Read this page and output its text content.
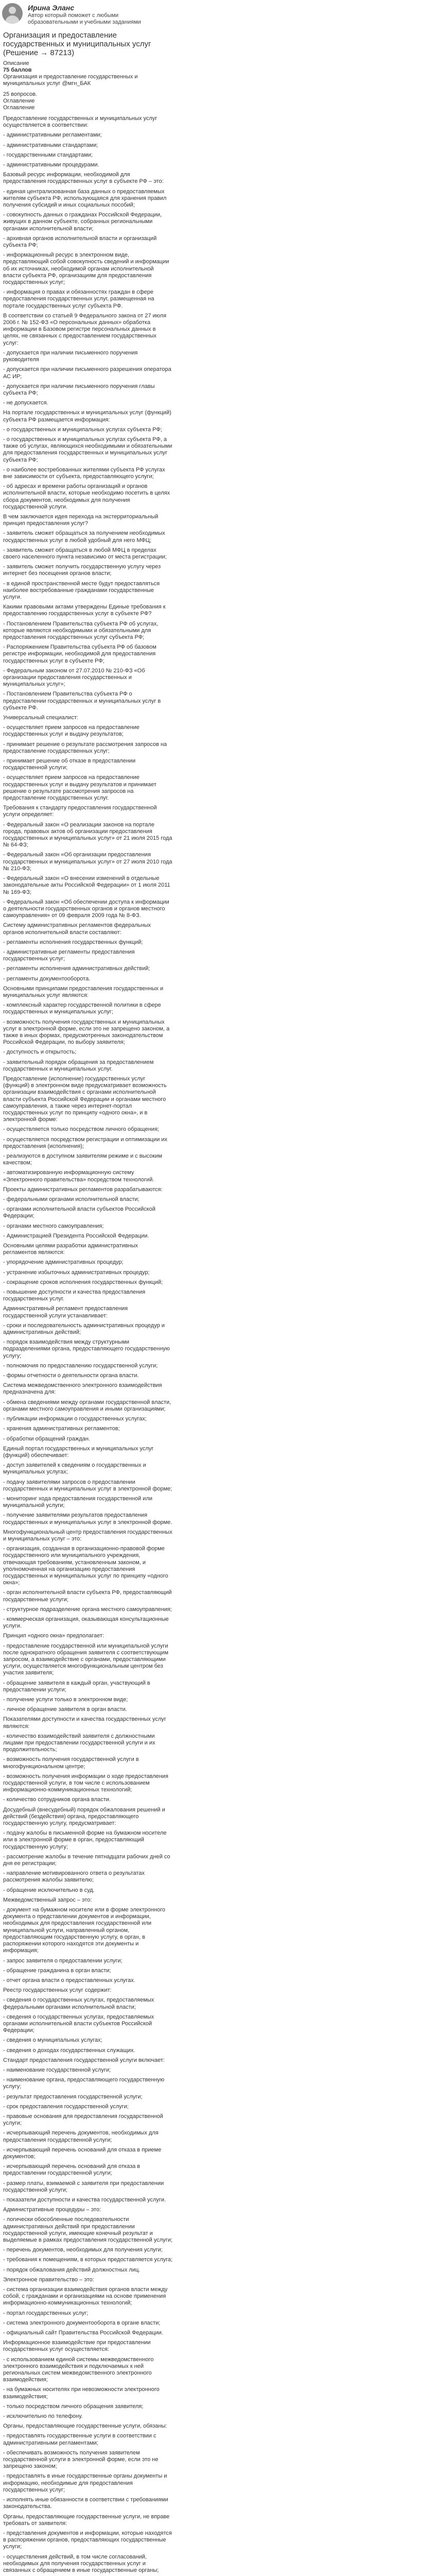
Ирина Эланс
Автор который поможет с любыми образовательными и учебными заданиями
Организация и предоставление государственных и муниципальных услуг (Решение → 87213)
Описание
75 баллов
Организация и предоставление государственных и муниципальных услуг @мгн_БАК
25 вопросов.
Оглавление
Оглавление

Предоставление государственных и муниципальных услуг осуществляется в соответствии:

- административными регламентами;

- административными стандартами;

- государственными стандартами;

- административными процедурами.

Базовый ресурс информации, необходимой для предоставления государственных услуг в субъекте РФ – это:

- единая централизованная база данных о предоставляемых жителям субъекта РФ, использующаяся для хранения правил получения субсидий и иных социальных пособий;

- совокупность данных о гражданах Российской Федерации, живущих в данном субъекте, собранных региональными органами исполнительной власти;

- архивная органов исполнительной власти и организаций субъекта РФ;

- информационный ресурс в электронном виде, представляющий собой совокупность сведений и информации об их источниках, необходимой органам исполнительной власти субъекта РФ, организациям для предоставления государственных услуг;

- информация о правах и обязанностях граждан в сфере предоставления государственных услуг, размещенная на портале государственных услуг субъекта РФ.

В соответствии со статьей 9 Федерального закона от 27 июля 2006 г. № 152-ФЗ «О персональных данных» обработка информации в Базовом регистре персональных данных в целях, не связанных с предоставлением государственных услуг:

- допускается при наличии письменного поручения руководителя

- допускается при наличии письменного разрешения оператора АС ИР;

- допускается при наличии письменного поручения главы субъекта РФ;

- не допускается.

На портале государственных и муниципальных услуг (функций) субъекта РФ размещается информация:

- о государственных и муниципальных услугах субъекта РФ;

- о государственных и муниципальных услугах субъекта РФ, а также об услугах, являющихся необходимыми и обязательными для предоставления государственных и муниципальных услуг субъекта РФ;

- о наиболее востребованных жителями субъекта РФ услугах вне зависимости от субъекта, предоставляющего услуги;

- об адресах и времени работы организаций и органов исполнительной власти, которые необходимо посетить в целях сбора документов, необходимых для получения государственной услуги.

В чем заключается идея перехода на экстерриториальный принцип предоставления услуг?

- заявитель сможет обращаться за получением необходимых государственных услуг в любой удобный для него МФЦ;

- заявитель сможет обращаться в любой МФЦ в пределах своего населенного пункта независимо от места регистрации;

- заявитель сможет получить государственную услугу через интернет без посещения органов власти;

- в единой пространственной месте будут предоставляться наиболее востребованные гражданами государственные услуги.

Какими правовыми актами утверждены Единые требования к предоставлению государственных услуг в субъекте РФ?

- Постановлением Правительства субъекта РФ об услугах, которые являются необходимыми и обязательными для предоставления государственных услуг субъекта РФ;

- Распоряжением Правительства субъекта РФ об базовом регистре информации, необходимой для предоставления государственных услуг в субъекте РФ;

- Федеральным законом от 27.07.2010 № 210-ФЗ «Об организации предоставления государственных и муниципальных услуг»;

- Постановлением Правительства субъекта РФ о предоставлении государственных и муниципальных услуг в субъекте РФ.

Универсальный специалист:

- осуществляет прием запросов на предоставление государственных услуг и выдачу результатов;

- принимает решение о результате рассмотрения запросов на предоставление государственных услуг;

- принимает решение об отказе в предоставлении государственной услуги;

- осуществляет прием запросов на предоставление государственных услуг и выдачу результатов и принимает решение о результате рассмотрения запросов на предоставление государственных услуг.

Требования к стандарту предоставления государственной услуги определяет:

- Федеральный закон «О реализации законов на портале города, правовых актов об организации предоставления государственных и муниципальных услуг» от 21 июля 2015 года № 64-ФЗ;

- Федеральный закон «Об организации предоставления государственных и муниципальных услуг» от 27 июля 2010 года № 210-ФЗ;

- Федеральный закон «О внесении изменений в отдельные законодательные акты Российской Федерации» от 1 июля 2011 № 169-ФЗ;

- Федеральный закон «Об обеспечении доступа к информации о деятельности государственных органов и органов местного самоуправления» от 09 февраля 2009 года № 8-ФЗ.

Систему административных регламентов федеральных органов исполнительной власти составляют:

- регламенты исполнения государственных функций;

- административные регламенты предоставления государственных услуг;

- регламенты исполнения административных действий;

- регламенты документооборота.

Основными принципами предоставления государственных и муниципальных услуг являются:

- комплексный характер государственной политики в сфере государственных и муниципальных услуг;

- возможность получения государственных и муниципальных услуг в электронной форме, если это не запрещено законом, а также в иных формах, предусмотренных законодательством Российской Федерации, по выбору заявителя;

- доступность и открытость;

- заявительный порядок обращения за предоставлением государственных и муниципальных услуг.

Предоставление (исполнение) государственных услуг (функций) в электронном виде предусматривает возможность организации взаимодействия с органами исполнительной власти субъекта Российской Федерации и органами местного самоуправления, а также через интернет-портал государственных услуг по принципу «одного окна», и в электронной форме:

- осуществляется только посредством личного обращения;

- осуществляется посредством регистрации и оптимизации их предоставления (исполнения);

- реализуются в доступном заявителям режиме и с высоким качеством;

- автоматизированную информационную систему «Электронного правительства» посредством технологий.

Проекты административных регламентов разрабатываются:

- федеральными органами исполнительной власти;

- органами исполнительной власти субъектов Российской Федерации;

- органами местного самоуправления;

- Администрацией Президента Российской Федерации.

Основными целями разработки административных регламентов являются:

- упорядочение административных процедур;

- устранение избыточных административных процедур;

- сокращение сроков исполнения государственных функций;

- повышение доступности и качества предоставления государственных услуг.

Административный регламент предоставления государственной услуги устанавливает:

- сроки и последовательность административных процедур и административных действий;

- порядок взаимодействия между структурными подразделениями органа, предоставляющего государственную услугу;

- полномочия по предоставлению государственной услуги;

- формы отчетности о деятельности органа власти.

Система межведомственного электронного взаимодействия предназначена для:

- обмена сведениями между органами государственной власти, органами местного самоуправления и иными организациями;

- публикации информации о государственных услугах;

- хранения административных регламентов;

- обработки обращений граждан.

Единый портал государственных и муниципальных услуг (функций) обеспечивает:

- доступ заявителей к сведениям о государственных и муниципальных услугах;

- подачу заявителями запросов о предоставлении государственных и муниципальных услуг в электронной форме;

- мониторинг хода предоставления государственной или муниципальной услуги;

- получение заявителями результатов предоставления государственных и муниципальных услуг в электронной форме.

Многофункциональный центр предоставления государственных и муниципальных услуг – это:

- организация, созданная в организационно-правовой форме государственного или муниципального учреждения, отвечающая требованиям, установленным законом, и уполномоченная на организацию предоставления государственных и муниципальных услуг по принципу «одного окна»;

- орган исполнительной власти субъекта РФ, предоставляющий государственные услуги;

- структурное подразделение органа местного самоуправления;

- коммерческая организация, оказывающая консультационные услуги.

Принцип «одного окна» предполагает:

- предоставление государственной или муниципальной услуги после однократного обращения заявителя с соответствующим запросом, а взаимодействие с органами, предоставляющими услуги, осуществляется многофункциональным центром без участия заявителя;

- обращение заявителя в каждый орган, участвующий в предоставлении услуги;

- получение услуги только в электронном виде;

- личное обращение заявителя в орган власти.

Показателями доступности и качества государственных услуг являются:

- количество взаимодействий заявителя с должностными лицами при предоставлении государственной услуги и их продолжительность;

- возможность получения государственной услуги в многофункциональном центре;

- возможность получения информации о ходе предоставления государственной услуги, в том числе с использованием информационно-коммуникационных технологий;

- количество сотрудников органа власти.

Досудебный (внесудебный) порядок обжалования решений и действий (бездействия) органа, предоставляющего государственную услугу, предусматривает:

- подачу жалобы в письменной форме на бумажном носителе или в электронной форме в орган, предоставляющий государственную услугу;

- рассмотрение жалобы в течение пятнадцати рабочих дней со дня ее регистрации;

- направление мотивированного ответа о результатах рассмотрения жалобы заявителю;

- обращение исключительно в суд.

Межведомственный запрос – это:

- документ на бумажном носителе или в форме электронного документа о представлении документов и информации, необходимых для предоставления государственной или муниципальной услуги, направленный органом, предоставляющим государственную услугу, в орган, в распоряжении которого находятся эти документы и информация;

- запрос заявителя о предоставлении услуги;

- обращение гражданина в орган власти;

- отчет органа власти о предоставленных услугах.

Реестр государственных услуг содержит:

- сведения о государственных услугах, предоставляемых федеральными органами исполнительной власти;

- сведения о государственных услугах, предоставляемых органами исполнительной власти субъектов Российской Федерации;

- сведения о муниципальных услугах;

- сведения о доходах государственных служащих.

Стандарт предоставления государственной услуги включает:

- наименование государственной услуги;

- наименование органа, предоставляющего государственную услугу;

- результат предоставления государственной услуги;

- срок предоставления государственной услуги;

- правовые основания для предоставления государственной услуги;

- исчерпывающий перечень документов, необходимых для предоставления государственной услуги;

- исчерпывающий перечень оснований для отказа в приеме документов;

- исчерпывающий перечень оснований для отказа в предоставлении государственной услуги;

- размер платы, взимаемой с заявителя при предоставлении государственной услуги;

- показатели доступности и качества государственной услуги.

Административные процедуры – это:

- логически обособленные последовательности административных действий при предоставлении государственной услуги, имеющие конечный результат и выделяемые в рамках предоставления государственной услуги;

- перечень документов, необходимых для получения услуги;

- требования к помещениям, в которых предоставляется услуга;

- порядок обжалования действий должностных лиц.

Электронное правительство – это:

- система организации взаимодействия органов власти между собой, с гражданами и организациями на основе применения информационно-коммуникационных технологий;

- портал государственных услуг;

- система электронного документооборота в органе власти;

- официальный сайт Правительства Российской Федерации.

Информационное взаимодействие при предоставлении государственных услуг осуществляется:

- с использованием единой системы межведомственного электронного взаимодействия и подключаемых к ней региональных систем межведомственного электронного взаимодействия;

- на бумажных носителях при невозможности электронного взаимодействия;

- только посредством личного обращения заявителя;

- исключительно по телефону.

Органы, предоставляющие государственные услуги, обязаны:

- предоставлять государственные услуги в соответствии с административными регламентами;

- обеспечивать возможность получения заявителем государственной услуги в электронной форме, если это не запрещено законом;

- предоставлять в иные государственные органы документы и информацию, необходимые для предоставления государственных услуг;

- исполнять иные обязанности в соответствии с требованиями законодательства.

Органы, предоставляющие государственные услуги, не вправе требовать от заявителя:

- представления документов и информации, которые находятся в распоряжении органов, предоставляющих государственные услуги;

- осуществления действий, в том числе согласований, необходимых для получения государственных услуг и связанных с обращением в иные государственные органы;
